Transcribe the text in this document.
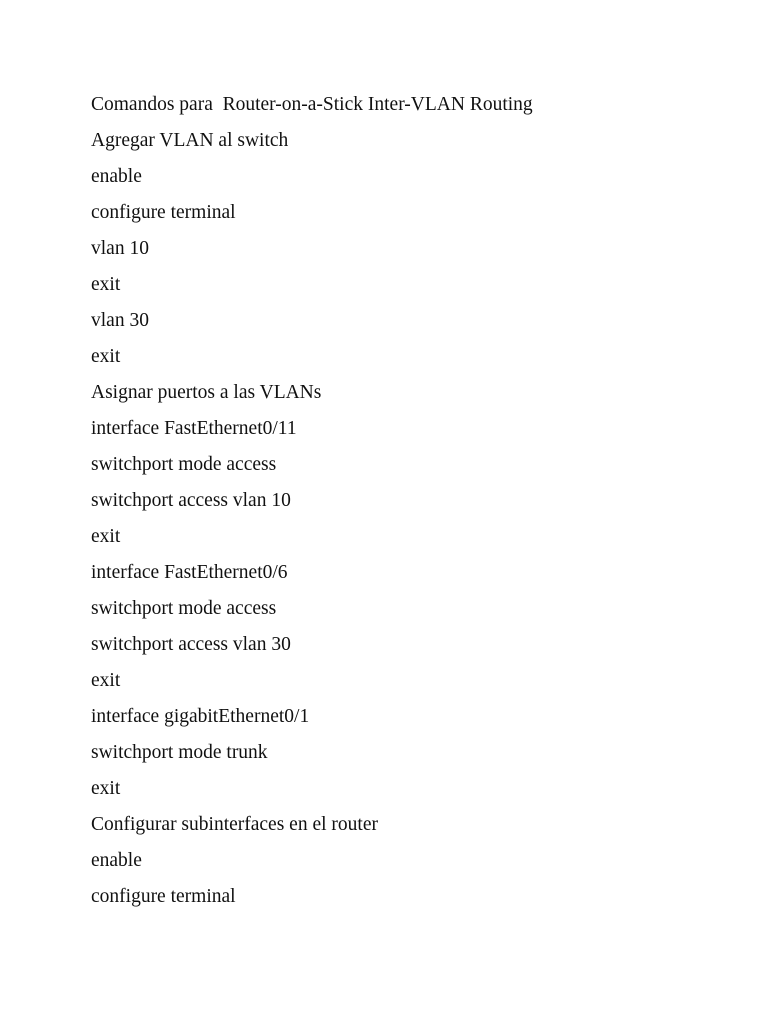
Comandos para  Router-on-a-Stick Inter-VLAN Routing
Agregar VLAN al switch
enable
configure terminal
vlan 10
exit
vlan 30
exit
Asignar puertos a las VLANs
interface FastEthernet0/11
switchport mode access
switchport access vlan 10
exit
interface FastEthernet0/6
switchport mode access
switchport access vlan 30
exit
interface gigabitEthernet0/1
switchport mode trunk
exit
Configurar subinterfaces en el router
enable
configure terminal
